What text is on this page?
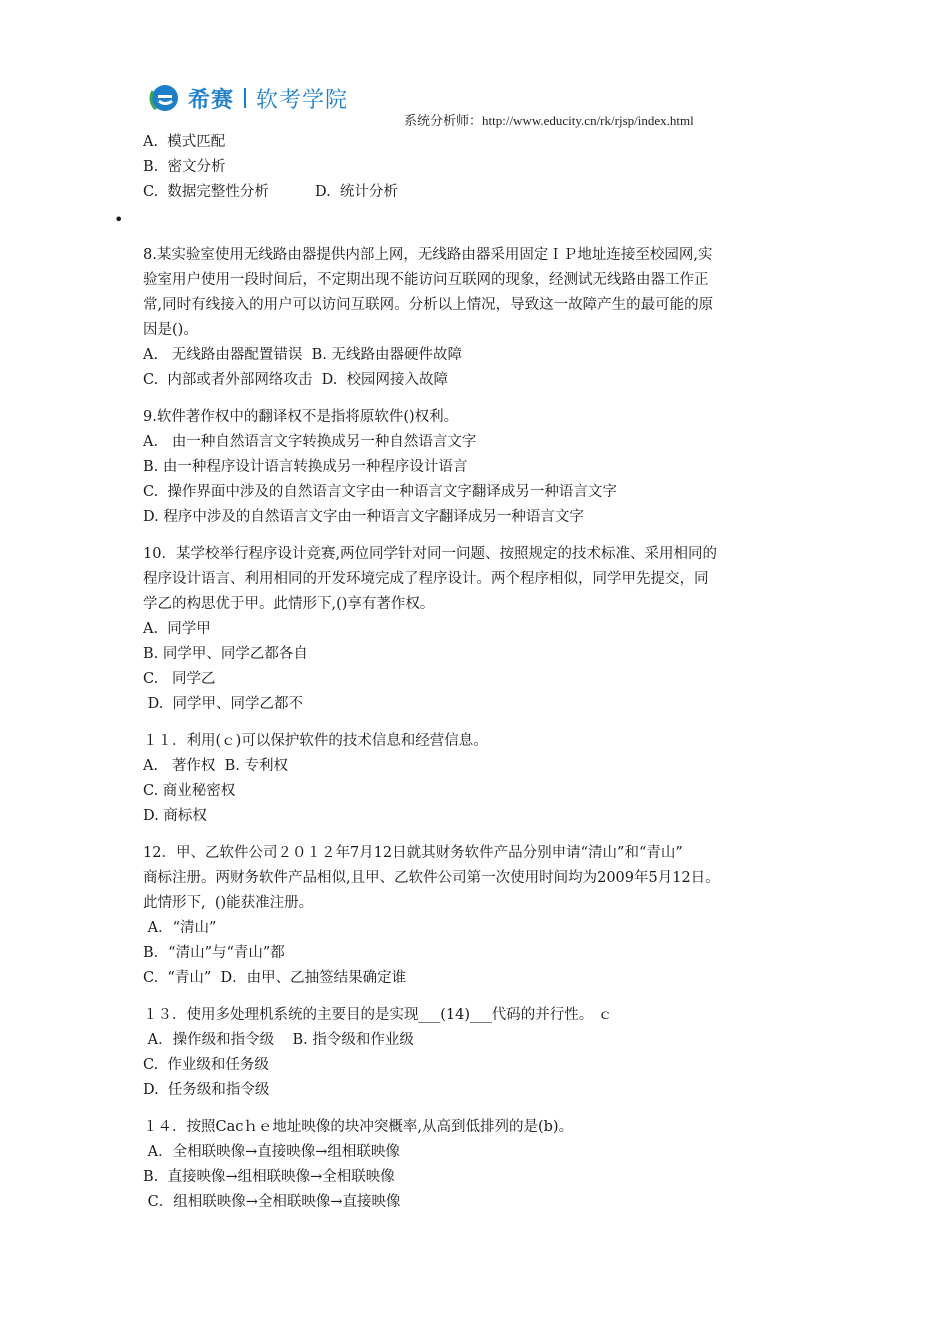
希赛 软考学院
系统分析师：http://www.educity.cn/rk/rjsp/index.html
A.  模式匹配
B.  密文分析
C.  数据完整性分析         ﻿ ﻿D.  统计分析
•
8.某实验室使用无线路由器提供内部上网，无线路由器采用固定ＩＰ地址连接至校园网,实
验室用户使用一段时间后，不定期出现不能访问互联网的现象，经测试无线路由器工作正
常,同时有线接入的用户可以访问互联网。分析以上情况，导致这一故障产生的最可能的原
因是()。
A.   无线路由器配置错误 ﻿ ﻿B. 无线路由器硬件故障
C.  内部或者外部网络攻击 ﻿ ﻿D.  校园网接入故障
9.软件著作权中的翻译权不是指将原软件()权利。
A.   由一种自然语言文字转换成另一种自然语言文字
B. 由一种程序设计语言转换成另一种程序设计语言
C.  操作界面中涉及的自然语言文字由一种语言文字翻译成另一种语言文字
D. 程序中涉及的自然语言文字由一种语言文字翻译成另一种语言文字
10．某学校举行程序设计竞赛,两位同学针对同一问题、按照规定的技术标准、采用相同的
程序设计语言、利用相同的开发环境完成了程序设计。两个程序相似，同学甲先提交，同
学乙的构思优于甲。此情形下,()享有著作权。
A.  同学甲
B. 同学甲、同学乙都各自
C.   同学乙
D.  同学甲、同学乙都不
１１．利用(ｃ)可以保护软件的技术信息和经营信息。
A.   著作权 ﻿ ﻿B. 专利权
C. 商业秘密权
D. 商标权
12．甲、乙软件公司２０１２年7月12日就其财务软件产品分别申请“清山”和“青山”
商标注册。两财务软件产品相似,且甲、乙软件公司第一次使用时间均为2009年5月12日。
此情形下,  ()能获准注册。
A．“清山”
B．“清山”与“青山”都
C.  “青山” ﻿ ﻿D．由甲、乙抽签结果确定谁
１３．使用多处理机系统的主要目的是实现___(14)___代码的并行性。 ｃ
A．操作级和指令级   ﻿ ﻿B. 指令级和作业级
C.  作业级和任务级
D.  任务级和指令级
１４．按照Cacｈｅ地址映像的块冲突概率,从高到低排列的是(b)。
A．全相联映像→直接映像→组相联映像
B.  直接映像→组相联映像→全相联映像
C．组相联映像→全相联映像→直接映像
